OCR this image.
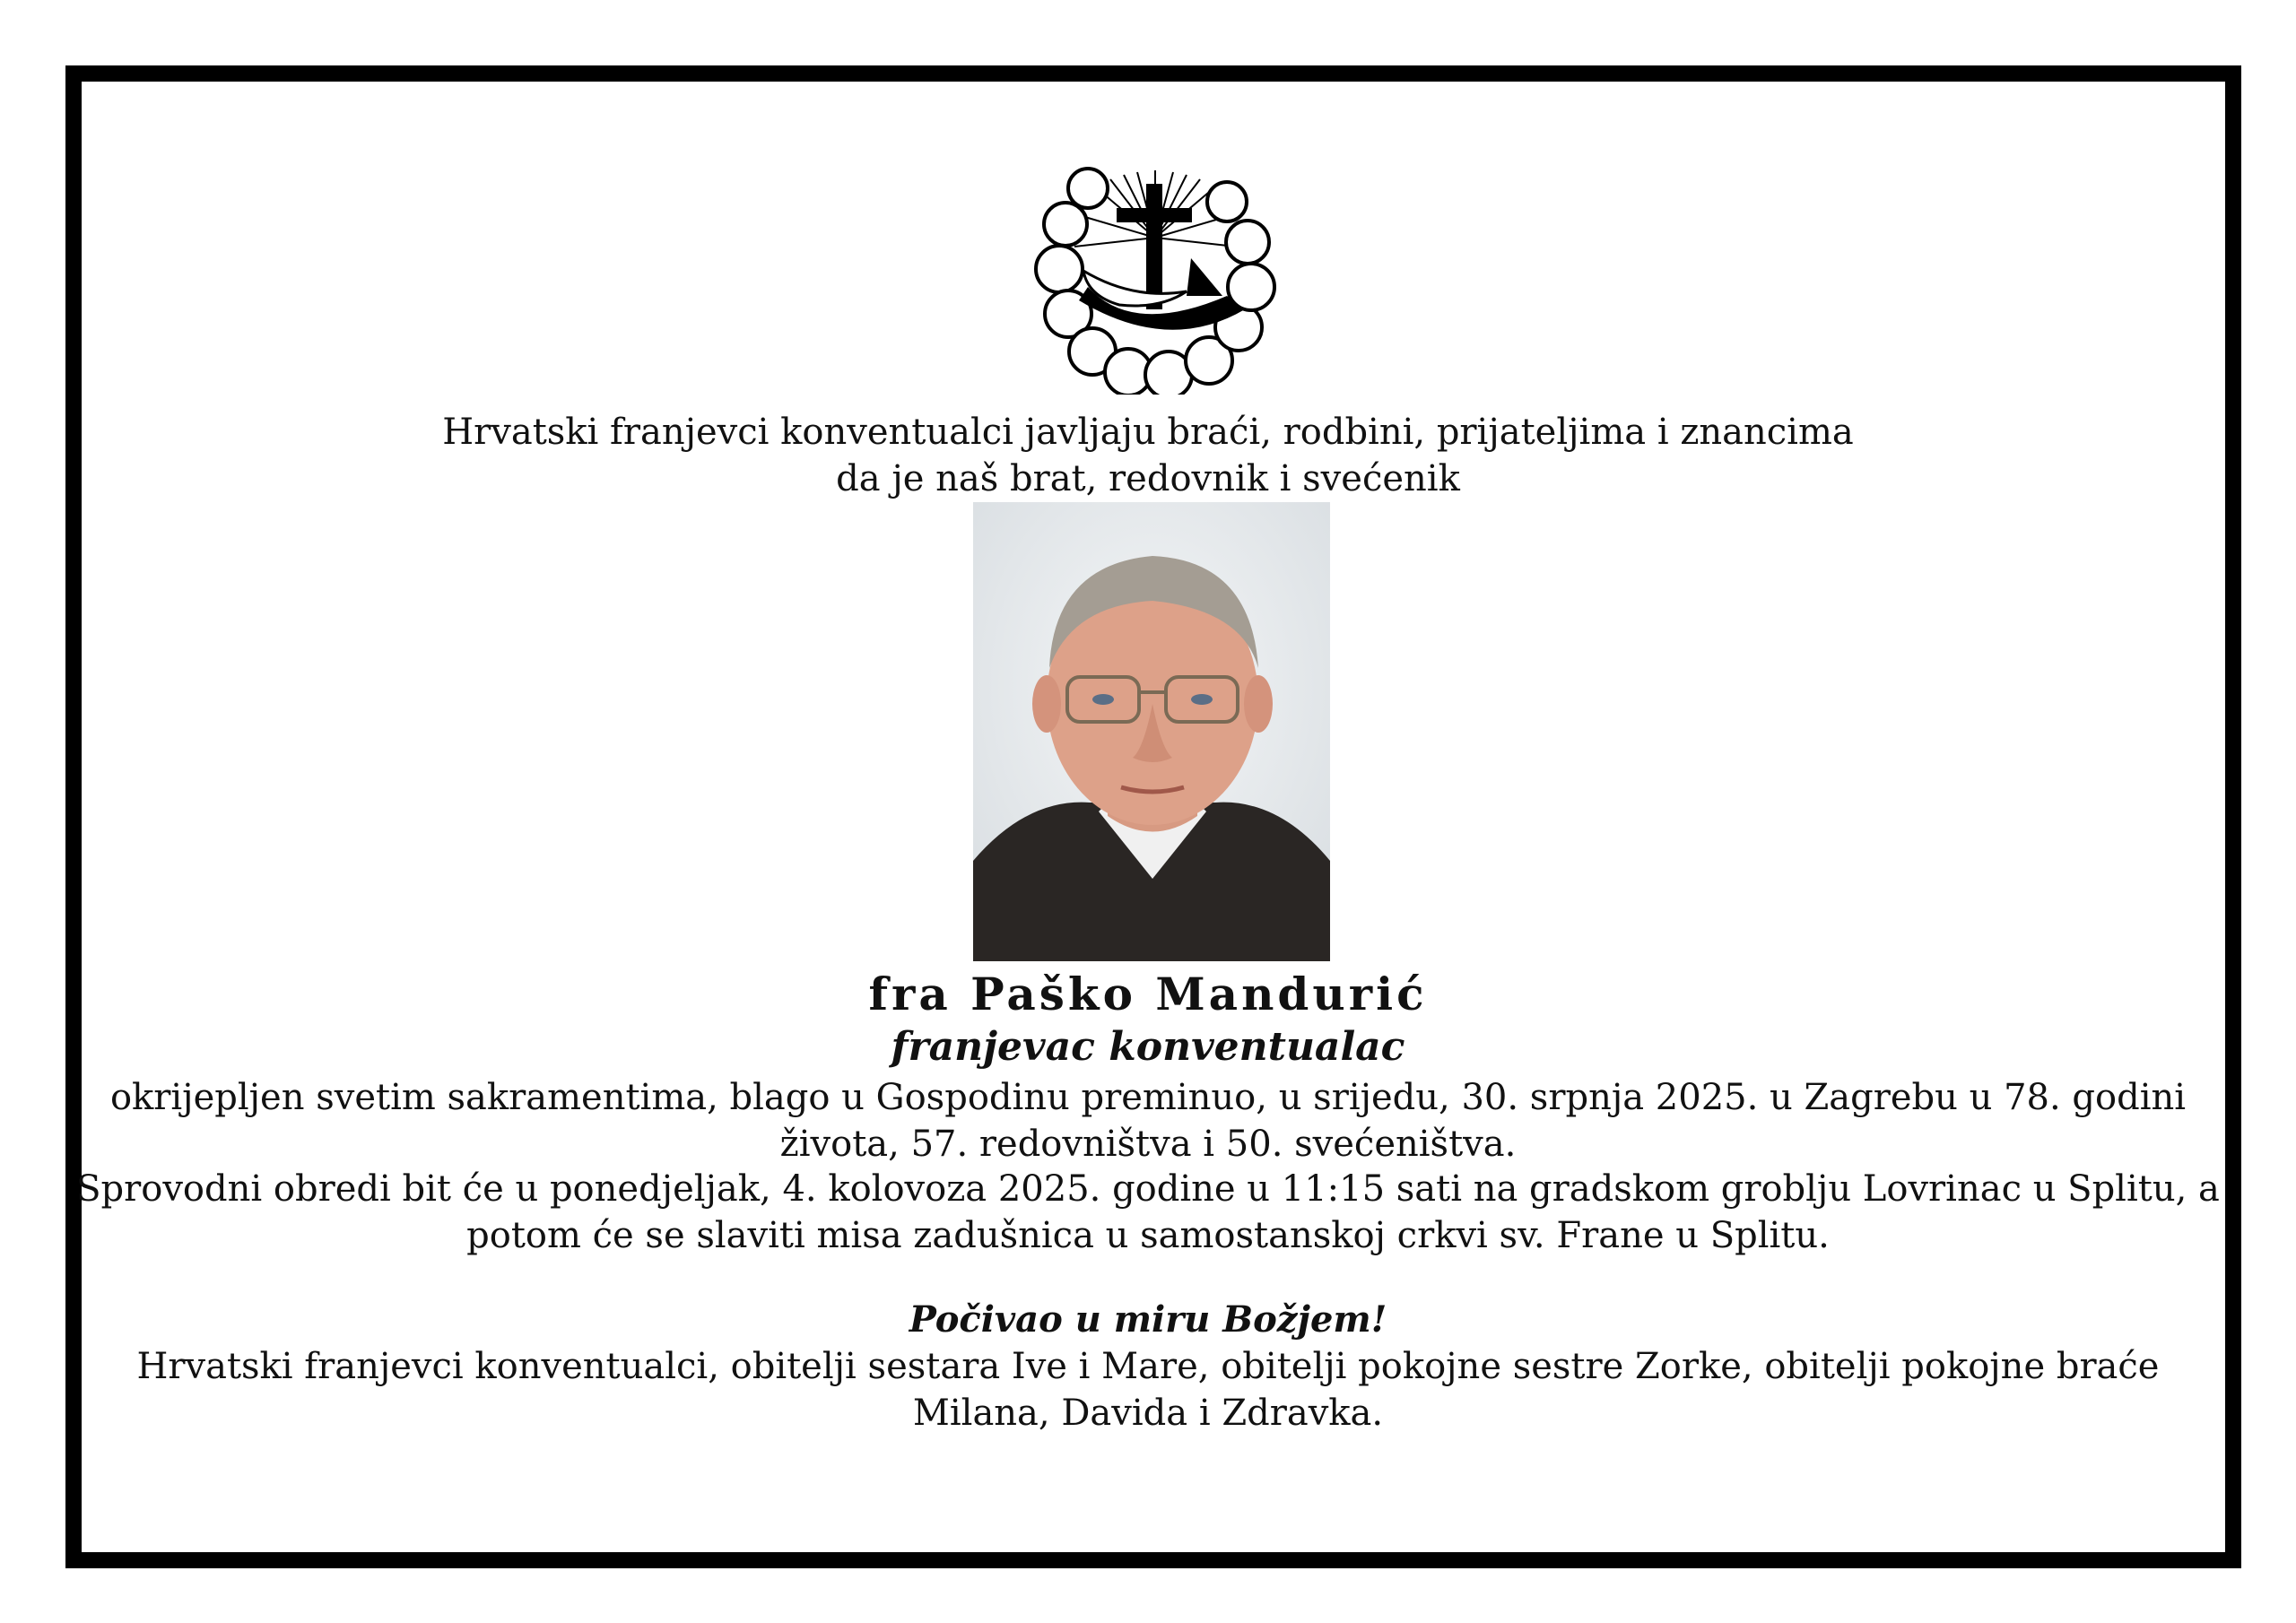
Hrvatski franjevci konventualci javljaju braći, rodbini, prijateljima i znancima
da je naš brat, redovnik i svećenik
fra Paško Mandurić
franjevac konventualac
okrijepljen svetim sakramentima, blago u Gospodinu preminuo, u srijedu, 30. srpnja 2025. u Zagrebu u 78. godini
života, 57. redovništva i 50. svećeništva.
Sprovodni obredi bit će u ponedjeljak, 4. kolovoza 2025. godine u 11:15 sati na gradskom groblju Lovrinac u Splitu, a
potom će se slaviti misa zadušnica u samostanskoj crkvi sv. Frane u Splitu.
Počivao u miru Božjem!
Hrvatski franjevci konventualci, obitelji sestara Ive i Mare, obitelji pokojne sestre Zorke, obitelji pokojne braće
Milana, Davida i Zdravka.
